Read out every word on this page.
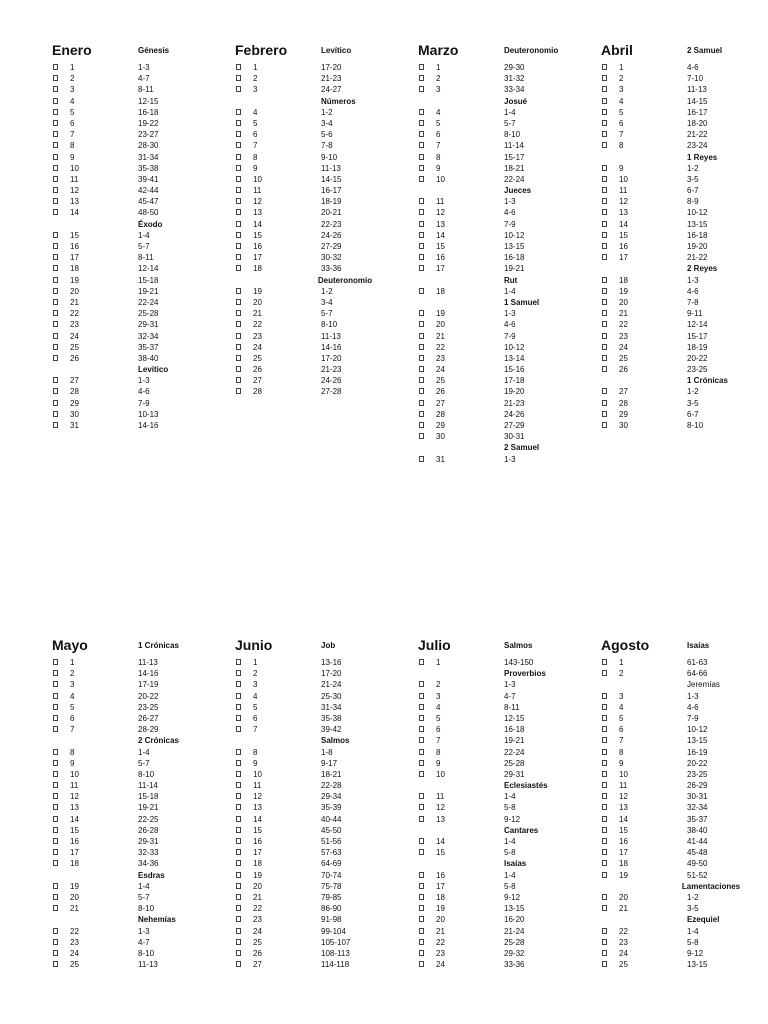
Enero	Génesis
1	1-3
2	4-7
3	8-11
4	12-15
5	16-18
6	19-22
7	23-27
8	28-30
9	31-34
10	35-38
11	39-41
12	42-44
13	45-47
14	48-50
Éxodo
15	1-4
16	5-7
17	8-11
18	12-14
19	15-18
20	19-21
21	22-24
22	25-28
23	29-31
24	32-34
25	35-37
26	38-40
Levítico
27	1-3
28	4-6
29	7-9
30	10-13
31	14-16
Febrero	Levítico
1	17-20
2	21-23
3	24-27
Números
4	1-2
5	3-4
6	5-6
7	7-8
8	9-10
9	11-13
10	14-15
11	16-17
12	18-19
13	20-21
14	22-23
15	24-26
16	27-29
17	30-32
18	33-36
Deuteronomio
19	1-2
20	3-4
21	5-7
22	8-10
23	11-13
24	14-16
25	17-20
26	21-23
27	24-26
28	27-28
Marzo	Deuteronomio
1	29-30
2	31-32
3	33-34
Josué
4	1-4
5	5-7
6	8-10
7	11-14
8	15-17
9	18-21
10	22-24
Jueces
11	1-3
12	4-6
13	7-9
14	10-12
15	13-15
16	16-18
17	19-21
Rut
18	1-4
1 Samuel
19	1-3
20	4-6
21	7-9
22	10-12
23	13-14
24	15-16
25	17-18
26	19-20
27	21-23
28	24-26
29	27-29
30	30-31
2 Samuel
31	1-3
Abril	2 Samuel
1	4-6
2	7-10
3	11-13
4	14-15
5	16-17
6	18-20
7	21-22
8	23-24
1 Reyes
9	1-2
10	3-5
11	6-7
12	8-9
13	10-12
14	13-15
15	16-18
16	19-20
17	21-22
2 Reyes
18	1-3
19	4-6
20	7-8
21	9-11
22	12-14
23	15-17
24	18-19
25	20-22
26	23-25
1 Crónicas
27	1-2
28	3-5
29	6-7
30	8-10
Mayo	1 Crónicas
1	11-13
2	14-16
3	17-19
4	20-22
5	23-25
6	26-27
7	28-29
2 Crónicas
8	1-4
9	5-7
10	8-10
11	11-14
12	15-18
13	19-21
14	22-25
15	26-28
16	29-31
17	32-33
18	34-36
Esdras
19	1-4
20	5-7
21	8-10
Nehemías
22	1-3
23	4-7
24	8-10
25	11-13
Junio	Job
1	13-16
2	17-20
3	21-24
4	25-30
5	31-34
6	35-38
7	39-42
Salmos
8	1-8
9	9-17
10	18-21
11	22-28
12	29-34
13	35-39
14	40-44
15	45-50
16	51-56
17	57-63
18	64-69
19	70-74
20	75-78
21	79-85
22	86-90
23	91-98
24	99-104
25	105-107
26	108-113
27	114-118
Julio	Salmos
1	143-150
Proverbios
2	1-3
3	4-7
4	8-11
5	12-15
6	16-18
7	19-21
8	22-24
9	25-28
10	29-31
Eclesiastés
11	1-4
12	5-8
13	9-12
Cantares
14	1-4
15	5-8
Isaías
16	1-4
17	5-8
18	9-12
19	13-15
20	16-20
21	21-24
22	25-28
23	29-32
24	33-36
Agosto	Isaías
1	61-63
2	64-66
Jeremías
3	1-3
4	4-6
5	7-9
6	10-12
7	13-15
8	16-19
9	20-22
10	23-25
11	26-29
12	30-31
13	32-34
14	35-37
15	38-40
16	41-44
17	45-48
18	49-50
19	51-52
Lamentaciones
20	1-2
21	3-5
Ezequiel
22	1-4
23	5-8
24	9-12
25	13-15
